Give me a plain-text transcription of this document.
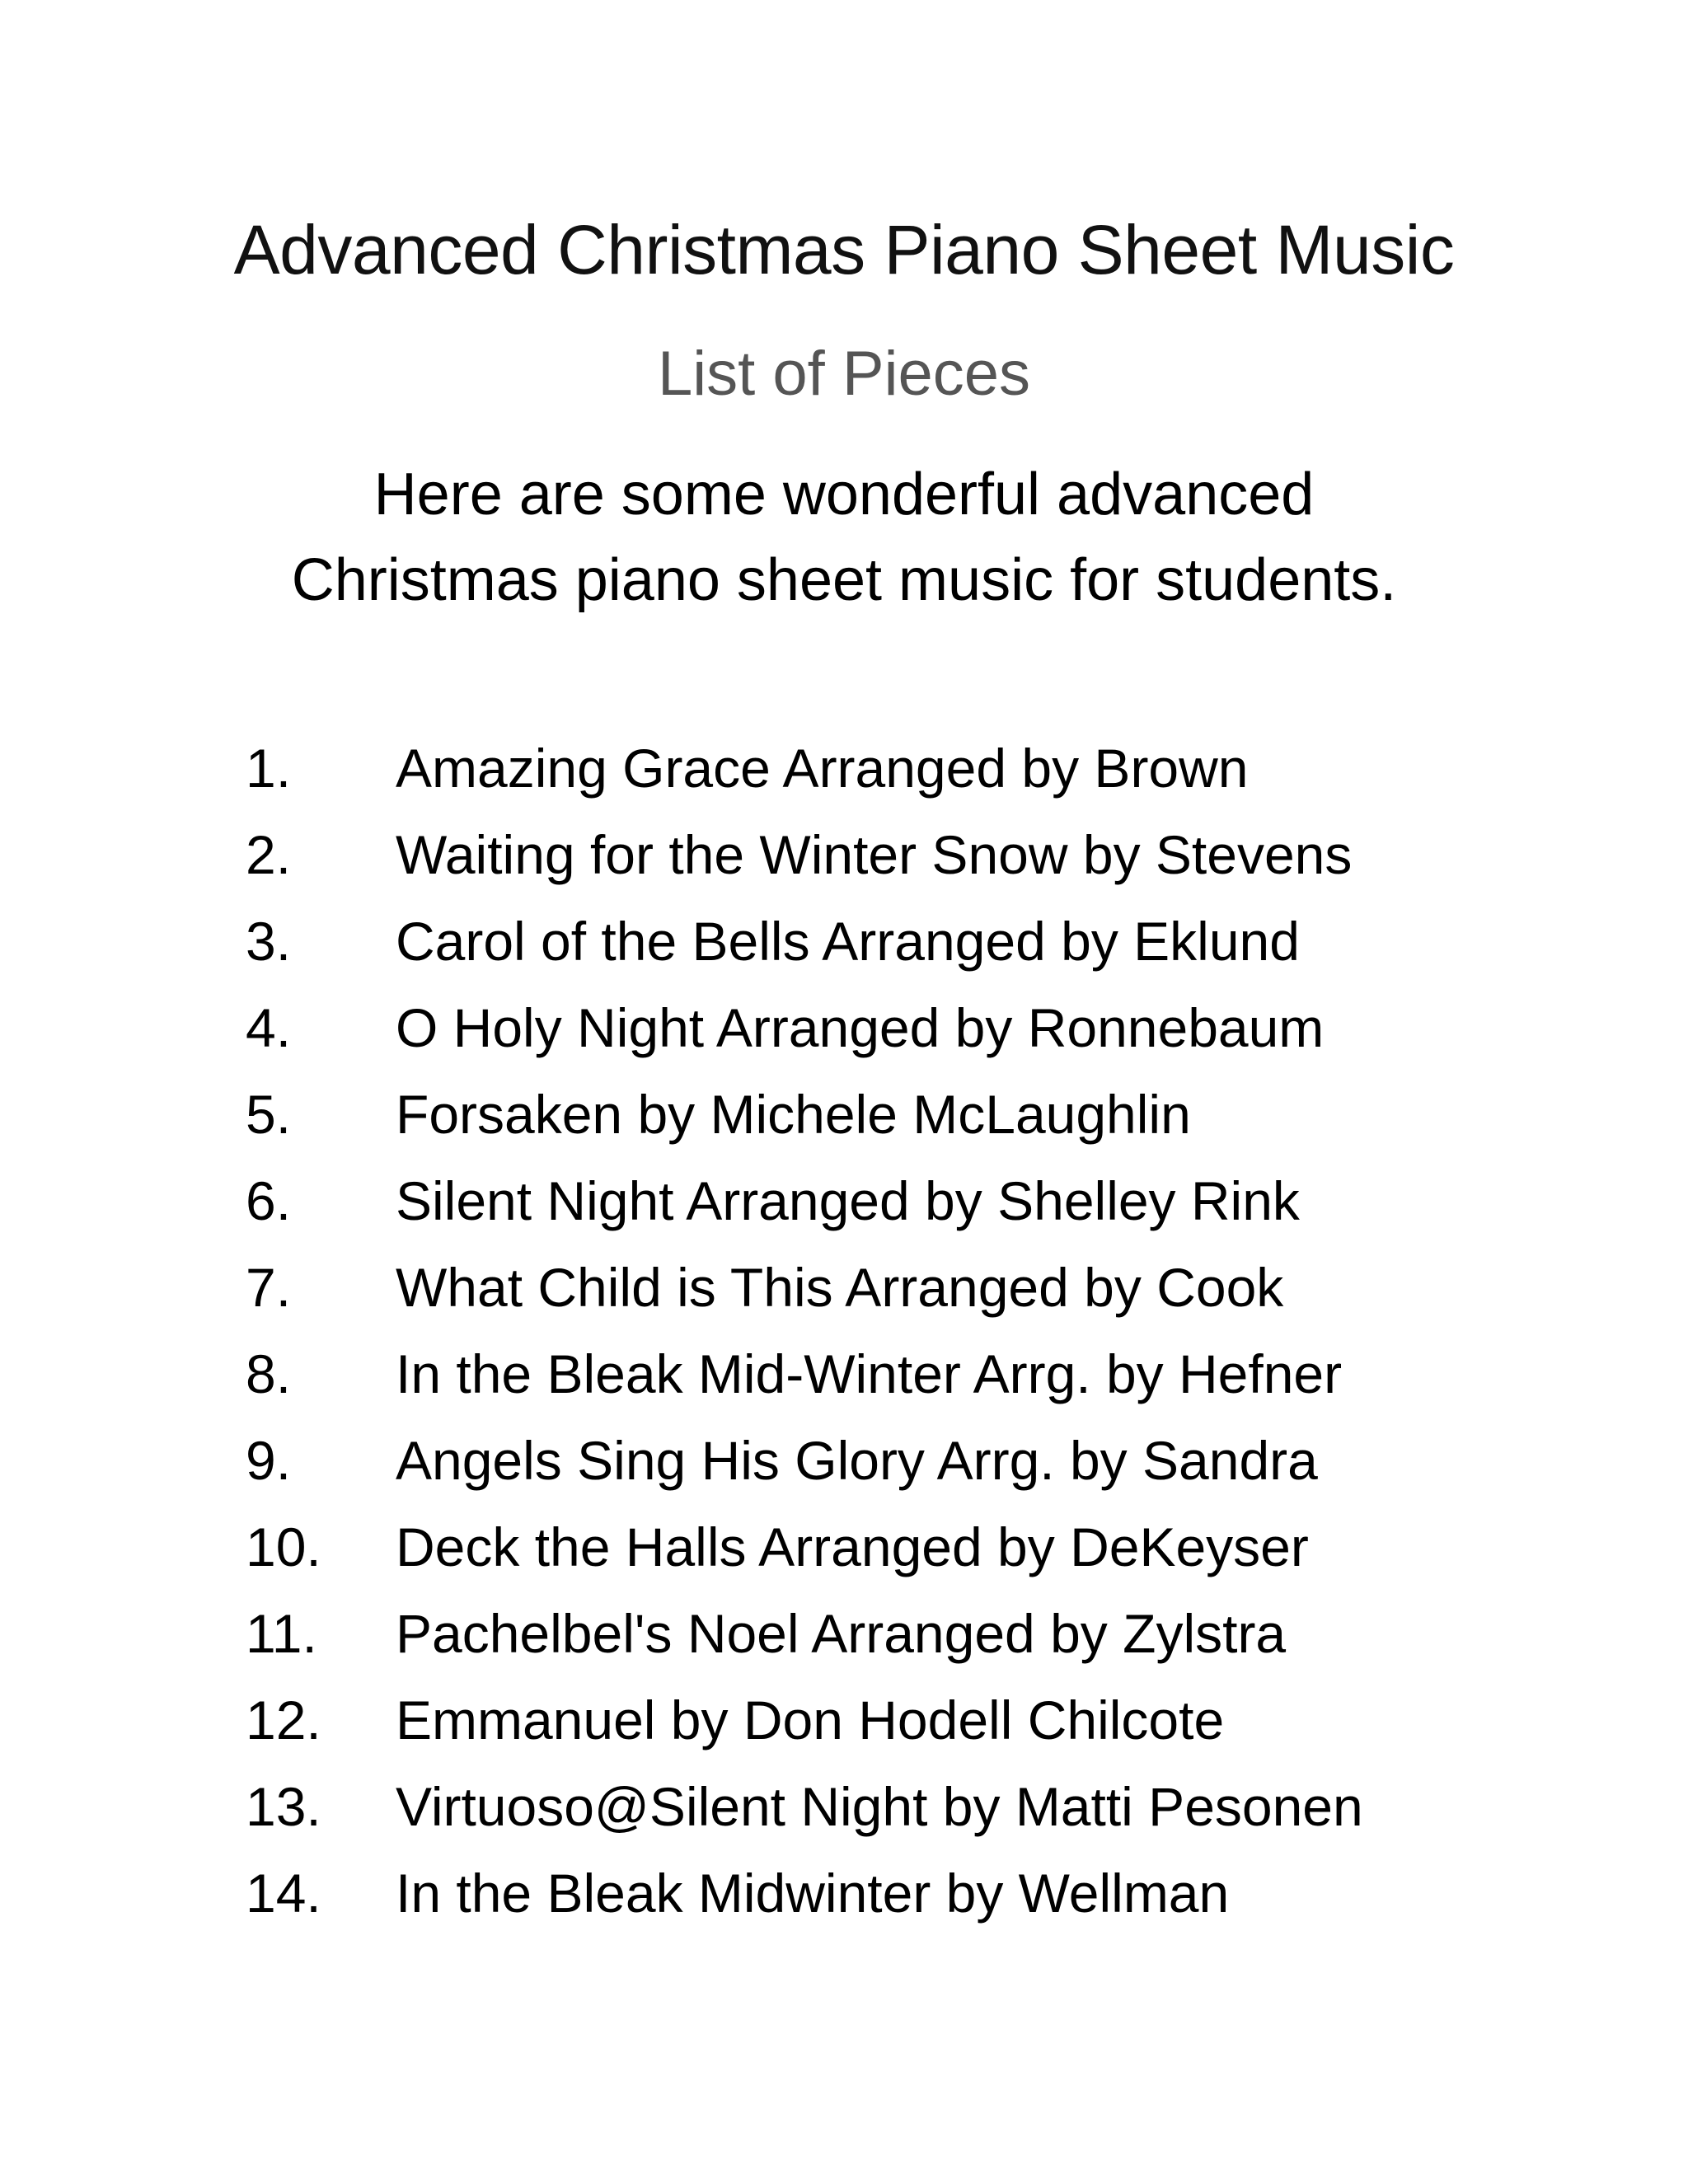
Advanced Christmas Piano Sheet Music
List of Pieces
Here are some wonderful advanced
Christmas piano sheet music for students.
1. Amazing Grace Arranged by Brown
2. Waiting for the Winter Snow by Stevens
3. Carol of the Bells Arranged by Eklund
4. O Holy Night Arranged by Ronnebaum
5. Forsaken by Michele McLaughlin
6. Silent Night Arranged by Shelley Rink
7. What Child is This Arranged by Cook
8. In the Bleak Mid-Winter Arrg. by Hefner
9. Angels Sing His Glory Arrg. by Sandra
10. Deck the Halls Arranged by DeKeyser
11. Pachelbel's Noel Arranged by Zylstra
12. Emmanuel by Don Hodell Chilcote
13. Virtuoso@Silent Night by Matti Pesonen
14. In the Bleak Midwinter by Wellman
